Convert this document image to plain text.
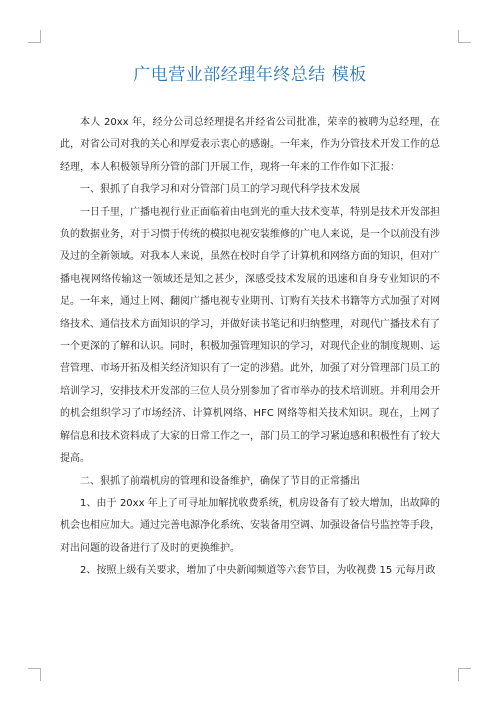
广电营业部经理年终总结 模板

本人 20xx 年，经分公司总经理提名并经省公司批准，荣幸的被聘为总经理，在此，对省公司对我的关心和厚爱表示衷心的感谢。一年来，作为分管技术开发工作的总经理，本人积极领导所分管的部门开展工作，现将一年来的工作作如下汇报：

一、狠抓了自我学习和对分管部门员工的学习现代科学技术发展

一日千里，广播电视行业正面临着由电到光的重大技术变革，特别是技术开发部担负的数据业务，对于习惯于传统的模拟电视安装维修的广电人来说，是一个以前没有涉及过的全新领域。对我本人来说，虽然在校时自学了计算机和网络方面的知识，但对广播电视网络传输这一领域还是知之甚少，深感受技术发展的迅速和自身专业知识的不足。一年来，通过上网、翻阅广播电视专业期刊、订购有关技术书籍等方式加强了对网络技术、通信技术方面知识的学习，并做好读书笔记和归纳整理，对现代广播技术有了一个更深的了解和认识。同时，积极加强管理知识的学习，对现代企业的制度规则、运营管理、市场开拓及相关经济知识有了一定的涉猎。此外，加强了对分管理部门员工的培训学习，安排技术开发部的三位人员分别参加了省市举办的技术培训班。并利用会开的机会组织学习了市场经济、计算机网络、HFC 网络等相关技术知识。现在，上网了解信息和技术资料成了大家的日常工作之一，部门员工的学习紧迫感和积极性有了较大提高。

二、狠抓了前端机房的管理和设备维护，确保了节目的正常播出

1、由于 20xx 年上了可寻址加解扰收费系统，机房设备有了较大增加，出故障的机会也相应加大。通过完善电源净化系统、安装备用空调、加强设备信号监控等手段，对出问题的设备进行了及时的更换维护。

2、按照上级有关要求，增加了中央新闻频道等六套节目，为收视费 15 元每月政
